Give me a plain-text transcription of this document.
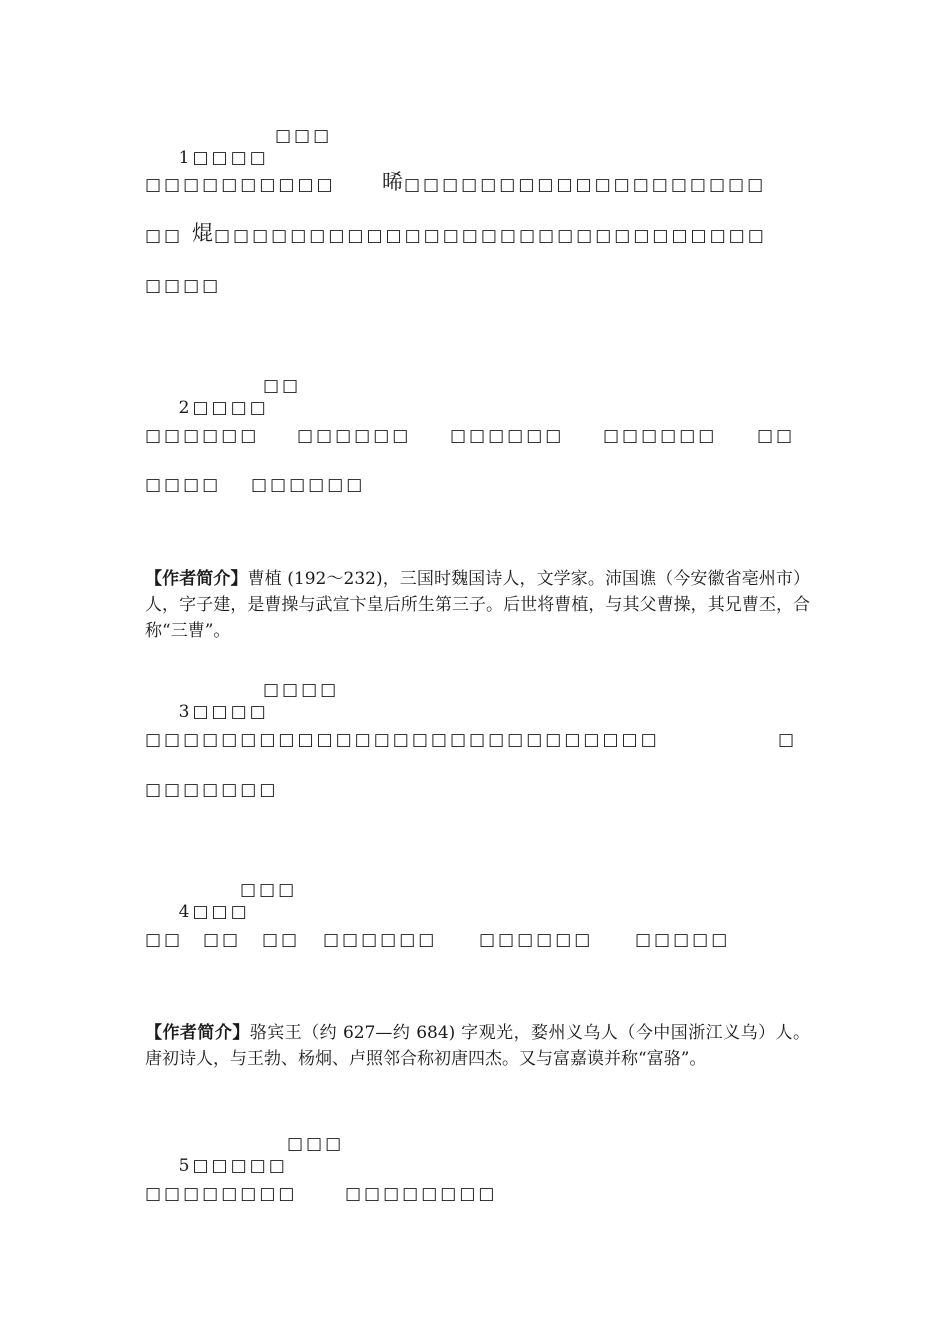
1□□□□

□□□
□□□□□□□□□□ 晞 □□□□□□□□□□□□□□□□□□□
□□ 焜 □□□□□□□□□□□□□□□□□□□□□□□□□□□□□
□□□□

2□□□□

□□
□□□□□□ □□□□□□ □□□□□□ □□□□□□ □□
□□□□ □□□□□□
【作者简介】曹植 (192～232)，三国时魏国诗人，文学家。沛国谯（今安徽省亳州市）人，字子建，是曹操与武宣卞皇后所生第三子。后世将曹植，与其父曹操，其兄曹丕，合称“三曹”。

3□□□□

□□□□
□□□□□□□□□□□□□□□□□□□□□□□□□□□	□
□□□□□□□

4□□□

□□□
□□ □□ □□ □□□□□□ □□□□□□ □□□□□
【作者简介】骆宾王（约 627—约 684) 字观光，婺州义乌人（今中国浙江义乌）人。唐初诗人，与王勃、杨炯、卢照邻合称初唐四杰。又与富嘉谟并称“富骆”。

5□□□□□

□□□
□□□□□□□□	□□□□□□□□
